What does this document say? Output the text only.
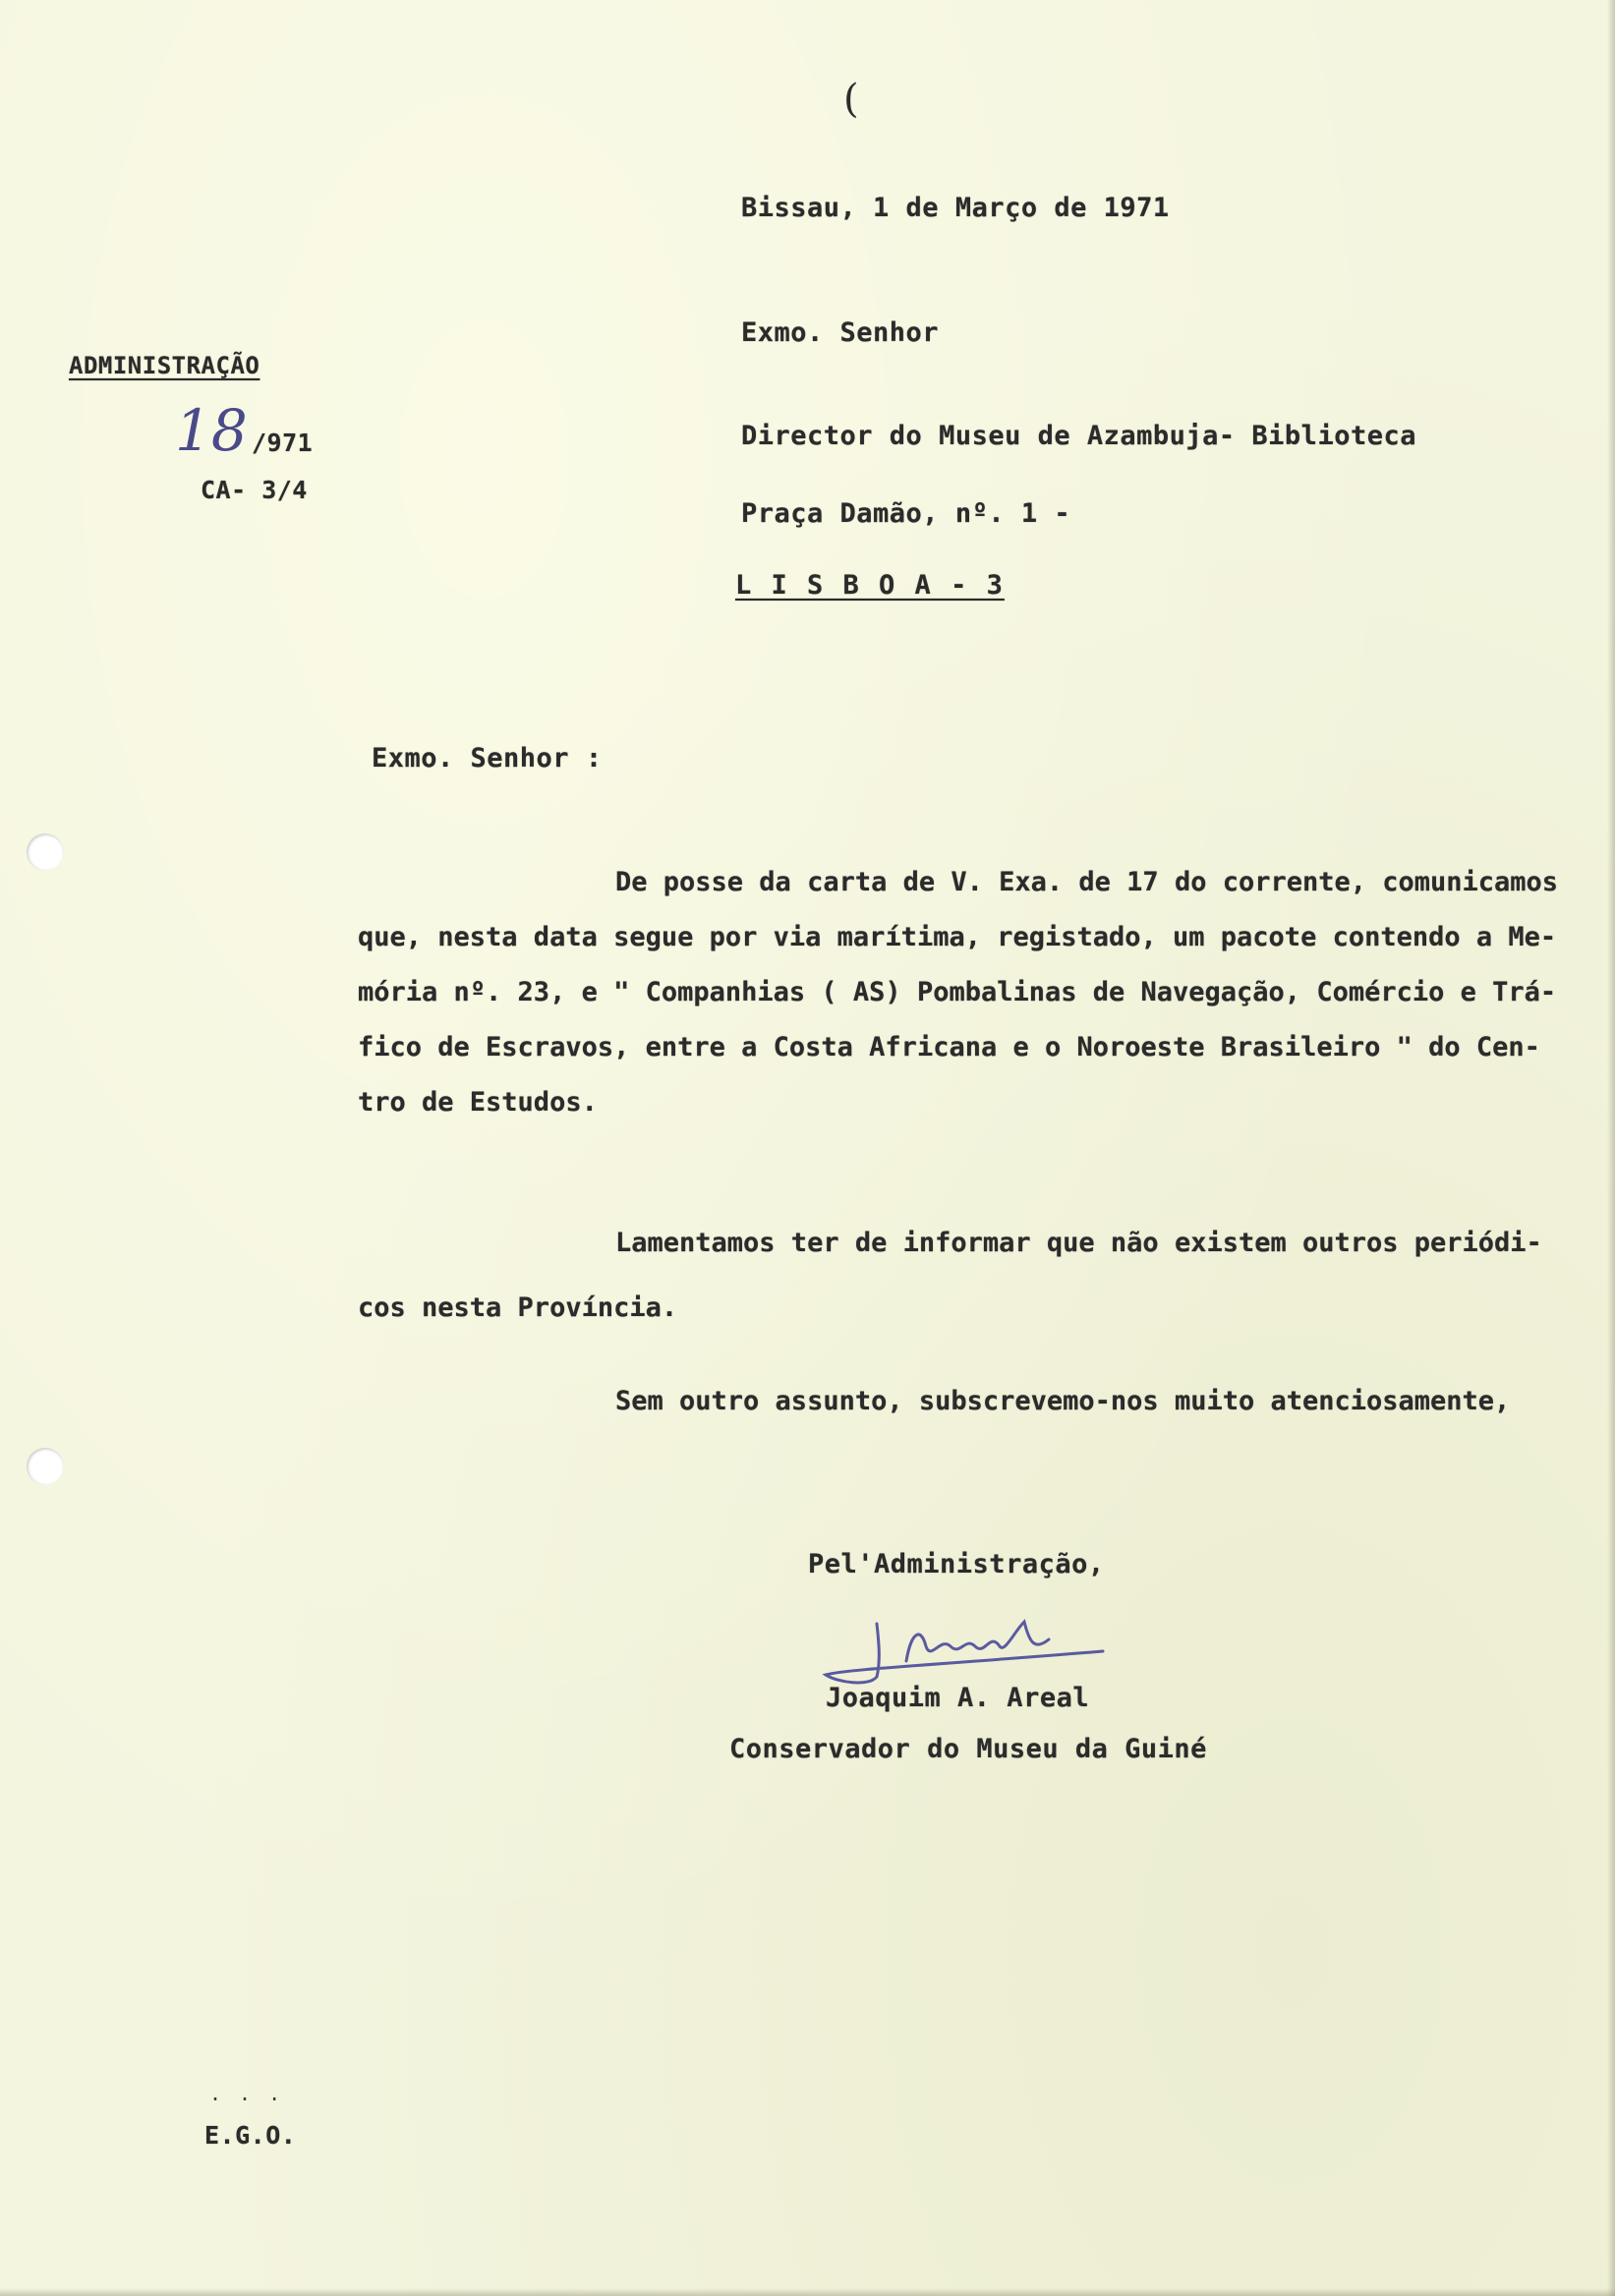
(

Bissau, 1 de Março de 1971

Exmo. Senhor

Director do Museu de Azambuja- Biblioteca

Praça Damão, nº. 1 -

L I S B O A - 3

ADMINISTRAÇÃO

18 /971

CA- 3/4

Exmo. Senhor :

De posse da carta de V. Exa. de 17 do corrente, comunicamos
que, nesta data segue por via marítima, registado, um pacote contendo a Me-
mória nº. 23, e " Companhias ( AS) Pombalinas de Navegação, Comércio e Trá-
fico de Escravos, entre a Costa Africana e o Noroeste Brasileiro " do Cen-
tro de Estudos.
Lamentamos ter de informar que não existem outros periódi-
cos nesta Província.
Sem outro assunto, subscrevemo-nos muito atenciosamente,

Pel'Administração,

J Areal

Joaquim A. Areal

Conservador do Museu da Guiné

...

E.G.O.
